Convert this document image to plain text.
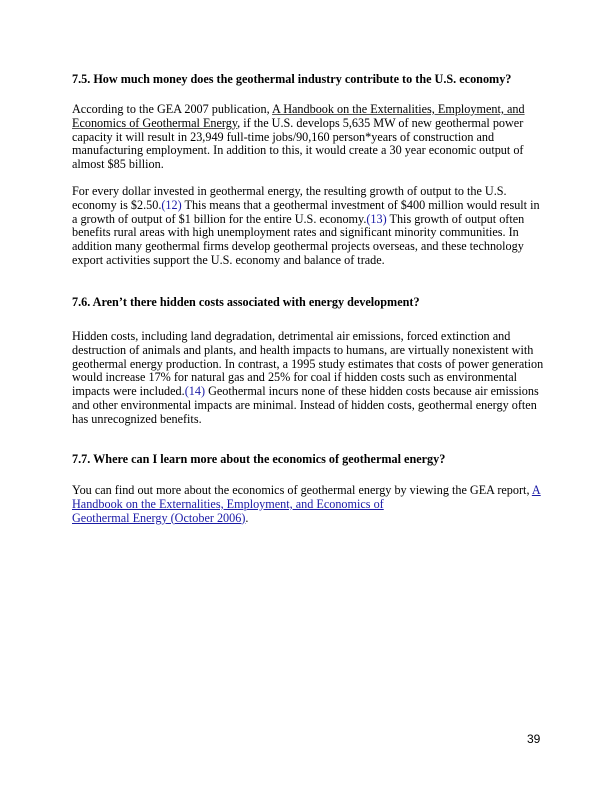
7.5. How much money does the geothermal industry contribute to the U.S. economy?
According to the GEA 2007 publication, A Handbook on the Externalities, Employment, and
Economics of Geothermal Energy, if the U.S. develops 5,635 MW of new geothermal power
capacity it will result in 23,949 full-time jobs/90,160 person*years of construction and
manufacturing employment. In addition to this, it would create a 30 year economic output of
almost $85 billion.
For every dollar invested in geothermal energy, the resulting growth of output to the U.S.
economy is $2.50.(12) This means that a geothermal investment of $400 million would result in
a growth of output of $1 billion for the entire U.S. economy.(13) This growth of output often
benefits rural areas with high unemployment rates and significant minority communities. In
addition many geothermal firms develop geothermal projects overseas, and these technology
export activities support the U.S. economy and balance of trade.
7.6. Aren’t there hidden costs associated with energy development?
Hidden costs, including land degradation, detrimental air emissions, forced extinction and
destruction of animals and plants, and health impacts to humans, are virtually nonexistent with
geothermal energy production. In contrast, a 1995 study estimates that costs of power generation
would increase 17% for natural gas and 25% for coal if hidden costs such as environmental
impacts were included.(14) Geothermal incurs none of these hidden costs because air emissions
and other environmental impacts are minimal. Instead of hidden costs, geothermal energy often
has unrecognized benefits.
7.7. Where can I learn more about the economics of geothermal energy?
You can find out more about the economics of geothermal energy by viewing the GEA report, A
Handbook on the Externalities, Employment, and Economics of
Geothermal Energy (October 2006).
39
